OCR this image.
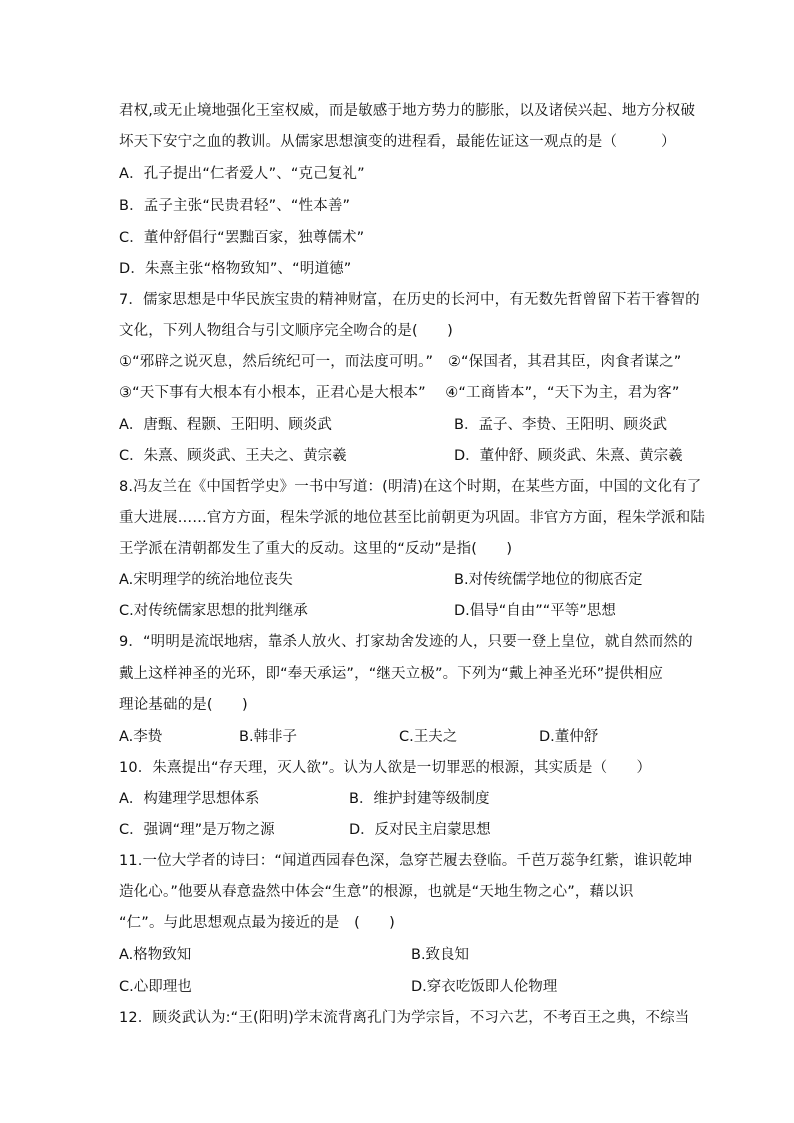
君权,或无止境地强化王室权威，而是敏感于地方势力的膨胀，以及诸侯兴起、地方分权破
坏天下安宁之血的教训。从儒家思想演变的进程看，最能佐证这一观点的是（　　　）
A．孔子提出“仁者爱人”、“克己复礼”
B．孟子主张“民贵君轻”、“性本善”
C．董仲舒倡行“罢黜百家，独尊儒术”
D．朱熹主张“格物致知”、“明道德”
7．儒家思想是中华民族宝贵的精神财富，在历史的长河中，有无数先哲曾留下若干睿智的
文化，下列人物组合与引文顺序完全吻合的是(　　)
①“邪辟之说灭息，然后统纪可一，而法度可明。”　②“保国者，其君其臣，肉食者谋之”
③“天下事有大根本有小根本，正君心是大根本”　 ④“工商皆本”，“天下为主，君为客”
A．唐甄、程颢、王阳明、顾炎武	B．孟子、李贽、王阳明、顾炎武
C．朱熹、顾炎武、王夫之、黄宗羲	D．董仲舒、顾炎武、朱熹、黄宗羲
8.冯友兰在《中国哲学史》一书中写道：(明清)在这个时期，在某些方面，中国的文化有了
重大进展……官方方面，程朱学派的地位甚至比前朝更为巩固。非官方方面，程朱学派和陆
王学派在清朝都发生了重大的反动。这里的“反动”是指(　　)
A.宋明理学的统治地位丧失	B.对传统儒学地位的彻底否定
C.对传统儒家思想的批判继承	D.倡导“自由”“平等”思想
9．“明明是流氓地痞，靠杀人放火、打家劫舍发迹的人，只要一登上皇位，就自然而然的
戴上这样神圣的光环，即“奉天承运”，“继天立极”。下列为“戴上神圣光环”提供相应
理论基础的是(　　)
A.李贽	B.韩非子	C.王夫之	D.董仲舒
10．朱熹提出“存天理，灭人欲”。认为人欲是一切罪恶的根源，其实质是（　　）
A．构建理学思想体系	B．维护封建等级制度
C．强调“理”是万物之源	D．反对民主启蒙思想
11.一位大学者的诗曰：“闻道西园春色深，急穿芒履去登临。千芭万蕊争红紫，谁识乾坤
造化心。”他要从春意盎然中体会“生意”的根源，也就是“天地生物之心”，藉以识
“仁”。与此思想观点最为接近的是　(　　)
A.格物致知	B.致良知
C.心即理也	D.穿衣吃饭即人伦物理
12．顾炎武认为:“王(阳明)学末流背离孔门为学宗旨，不习六艺，不考百王之典，不综当
